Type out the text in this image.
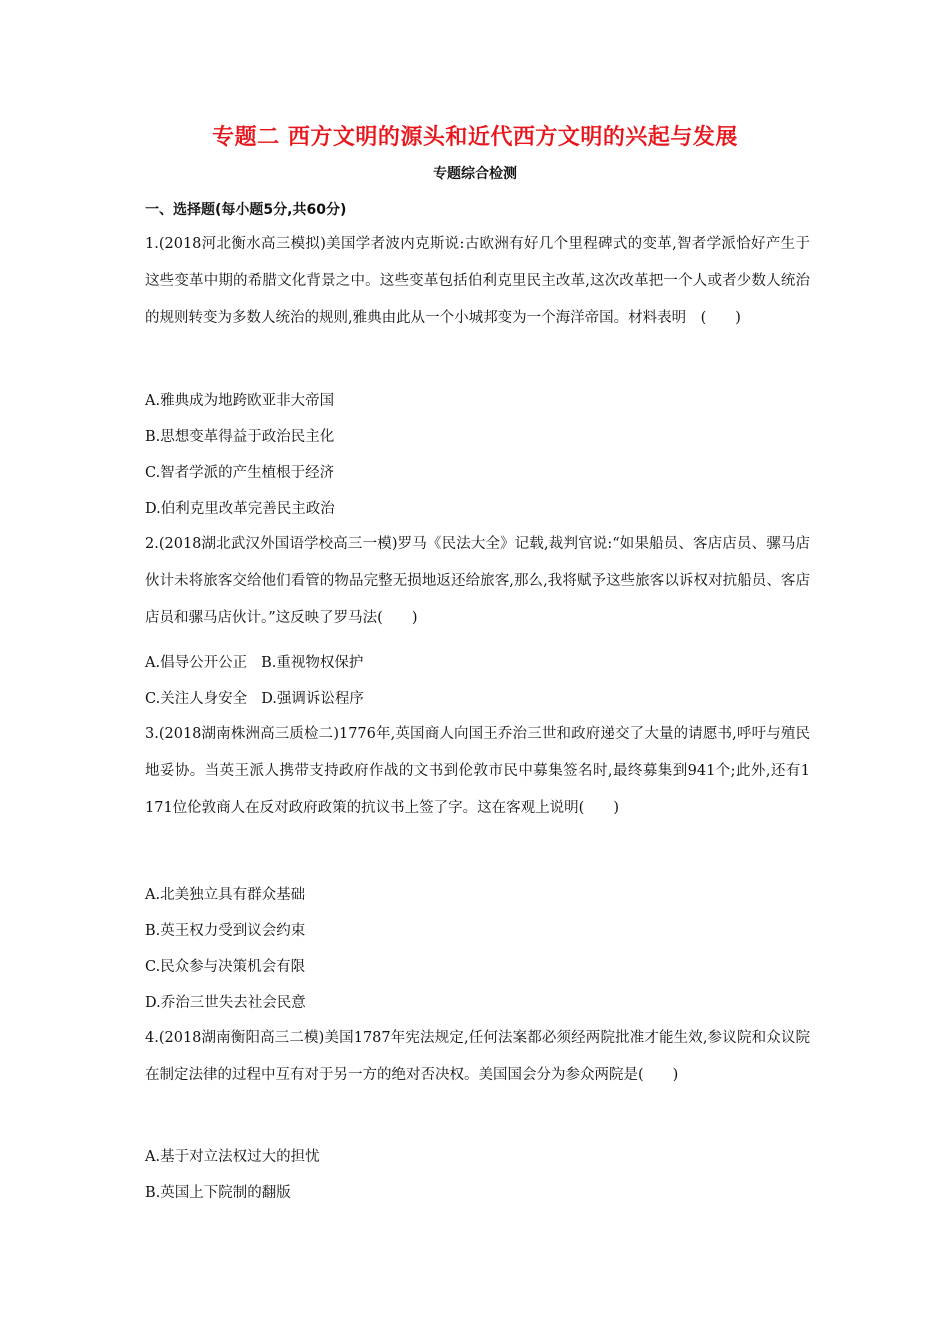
专题二 西方文明的源头和近代西方文明的兴起与发展
专题综合检测
一、选择题(每小题5分,共60分)
1.(2018河北衡水高三模拟)美国学者波内克斯说:古欧洲有好几个里程碑式的变革,智者学派恰好产生于这些变革中期的希腊文化背景之中。这些变革包括伯利克里民主改革,这次改革把一个人或者少数人统治的规则转变为多数人统治的规则,雅典由此从一个小城邦变为一个海洋帝国。材料表明　(　　)
A.雅典成为地跨欧亚非大帝国
B.思想变革得益于政治民主化
C.智者学派的产生植根于经济
D.伯利克里改革完善民主政治
2.(2018湖北武汉外国语学校高三一模)罗马《民法大全》记载,裁判官说:“如果船员、客店店员、骡马店伙计未将旅客交给他们看管的物品完整无损地返还给旅客,那么,我将赋予这些旅客以诉权对抗船员、客店店员和骡马店伙计。”这反映了罗马法(　　)
A.倡导公开公正 B.重视物权保护
C.关注人身安全 D.强调诉讼程序
3.(2018湖南株洲高三质检二)1776年,英国商人向国王乔治三世和政府递交了大量的请愿书,呼吁与殖民地妥协。当英王派人携带支持政府作战的文书到伦敦市民中募集签名时,最终募集到941个;此外,还有1 171位伦敦商人在反对政府政策的抗议书上签了字。这在客观上说明(　　)
A.北美独立具有群众基础
B.英王权力受到议会约束
C.民众参与决策机会有限
D.乔治三世失去社会民意
4.(2018湖南衡阳高三二模)美国1787年宪法规定,任何法案都必须经两院批准才能生效,参议院和众议院在制定法律的过程中互有对于另一方的绝对否决权。美国国会分为参众两院是(　　)
A.基于对立法权过大的担忧
B.英国上下院制的翻版
